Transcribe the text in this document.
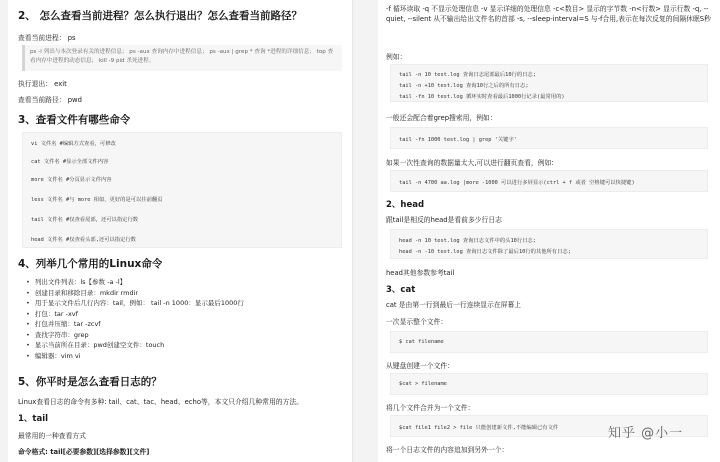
2、 怎么查看当前进程？怎么执行退出？怎么查看当前路径？
查看当前进程： ps
ps -l 列出与本次登录有关的进程信息； ps -aux 查询内存中进程信息； ps -aux | grep * 查询 *进程的详细信息； top 查看内存中进程的动态信息； kill -9 pid 杀死进程。
执行退出： exit
查看当前路径： pwd
3、查看文件有哪些命令
vi 文件名 #编辑方式查看，可修改
cat 文件名 #显示全部文件内容
more 文件名 #分页显示文件内容
less 文件名 #与 more 相似，更好的是可以往前翻页
tail 文件名 #仅查看尾部，还可以指定行数
head 文件名 #仅查看头部,还可以指定行数
4、列举几个常用的Linux命令
• 列出文件列表：ls【参数 -a -l】
• 创建目录和移除目录：mkdir rmdir
• 用于显示文件后几行内容：tail，例如： tail -n 1000：显示最后1000行
• 打包：tar -xvf
• 打包并压缩：tar -zcvf
• 查找字符串：grep
• 显示当前所在目录：pwd创建空文件：touch
• 编辑器：vim vi
5、你平时是怎么查看日志的？
Linux查看日志的命令有多种: tail、cat、tac、head、echo等，本文只介绍几种常用的方法。
1、tail
最常用的一种查看方式
命令格式: tail[必要参数][选择参数][文件]
-f 循环读取 -q 不显示处理信息 -v 显示详细的处理信息 -c<数目> 显示的字节数 -n<行数> 显示行数 -q, --quiet, --silent 从不输出给出文件名的首部 -s, --sleep-interval=S 与-f合用,表示在每次反复的间隔休眠S秒
例如：
tail -n 10 test.log 查询日志尾部最后10行的日志;
tail -n +10 test.log 查询10行之后的所有日志;
tail -fn 10 test.log 循环实时查看最后1000行记录(最常用的)
一般还会配合着grep搜索用，例如：
tail -fn 1000 test.log | grep '关键字'
如果一次性查询的数据量太大,可以进行翻页查看，例如:
tail -n 4700 aa.log |more -1000 可以进行多屏显示(ctrl + f 或者 空格键可以快捷键)
2、head
跟tail是相反的head是看前多少行日志
head -n 10 test.log 查询日志文件中的头10行日志;
head -n -10 test.log 查询日志文件除了最后10行的其他所有日志;
head其他参数参考tail
3、cat
cat 是由第一行到最后一行连续显示在屏幕上
一次显示整个文件：
$ cat filename
从键盘创建一个文件：
$cat > filename
将几个文件合并为一个文件：
$cat file1 file2 > file 只能创建新文件,不能编辑已有文件
将一个日志文件的内容追加到另外一个：
知乎 @小一
